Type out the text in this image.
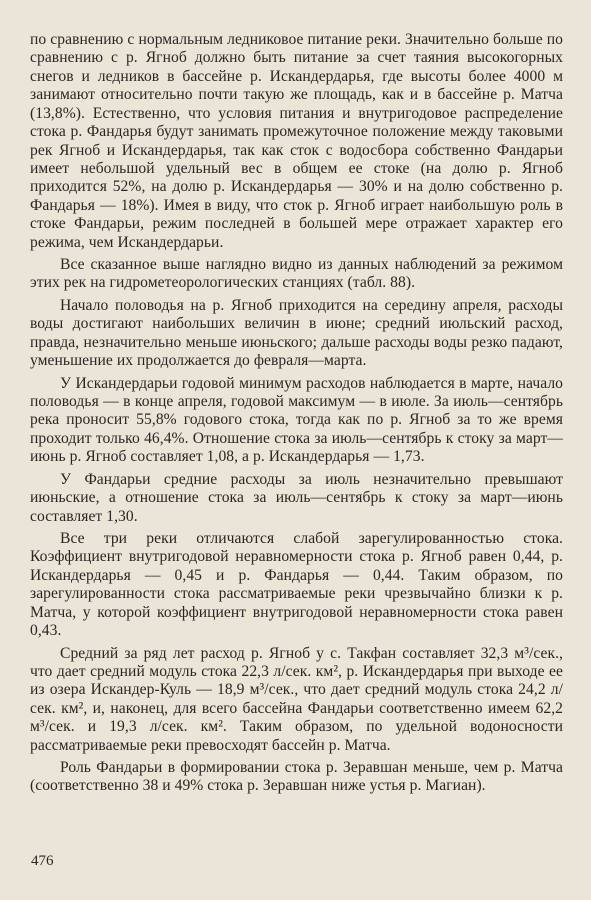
по сравнению с нормальным ледниковое питание реки. Значительно больше по сравнению с р. Ягноб должно быть питание за счет таяния высокогорных снегов и ледников в бассейне р. Искандердарья, где высоты более 4000 м занимают относительно почти такую же площадь, как и в бассейне р. Матча (13,8%). Естественно, что условия питания и внутригодовое распределение стока р. Фандарья будут занимать промежуточное положение между таковыми рек Ягноб и Искандердарья, так как сток с водосбора собственно Фандарьи имеет небольшой удельный вес в общем ее стоке (на долю р. Ягноб приходится 52%, на долю р. Искандердарья — 30% и на долю собственно р. Фандарья — 18%). Имея в виду, что сток р. Ягноб играет наибольшую роль в стоке Фандарьи, режим последней в большей мере отражает характер его режима, чем Искандердарьи.

Все сказанное выше наглядно видно из данных наблюдений за режимом этих рек на гидрометеорологических станциях (табл. 88).

Начало половодья на р. Ягноб приходится на середину апреля, расходы воды достигают наибольших величин в июне; средний июльский расход, правда, незначительно меньше июньского; дальше расходы воды резко падают, уменьшение их продолжается до февраля—марта.

У Искандердарьи годовой минимум расходов наблюдается в марте, начало половодья — в конце апреля, годовой максимум — в июле. За июль—сентябрь река проносит 55,8% годового стока, тогда как по р. Ягноб за то же время проходит только 46,4%. Отношение стока за июль—сентябрь к стоку за март—июнь р. Ягноб составляет 1,08, а р. Искандердарья — 1,73.

У Фандарьи средние расходы за июль незначительно превышают июньские, а отношение стока за июль—сентябрь к стоку за март—июнь составляет 1,30.

Все три реки отличаются слабой зарегулированностью стока. Коэффициент внутригодовой неравномерности стока р. Ягноб равен 0,44, р. Искандердарья — 0,45 и р. Фандарья — 0,44. Таким образом, по зарегулированности стока рассматриваемые реки чрезвычайно близки к р. Матча, у которой коэффициент внутригодовой неравномерности стока равен 0,43.

Средний за ряд лет расход р. Ягноб у с. Такфан составляет 32,3 м³/сек., что дает средний модуль стока 22,3 л/сек. км², р. Искандердарья при выходе ее из озера Искандер-Куль — 18,9 м³/сек., что дает средний модуль стока 24,2 л/сек. км², и, наконец, для всего бассейна Фандарьи соответственно имеем 62,2 м³/сек. и 19,3 л/сек. км². Таким образом, по удельной водоносности рассматриваемые реки превосходят бассейн р. Матча.

Роль Фандарьи в формировании стока р. Зеравшан меньше, чем р. Матча (соответственно 38 и 49% стока р. Зеравшан ниже устья р. Магиан).

476
